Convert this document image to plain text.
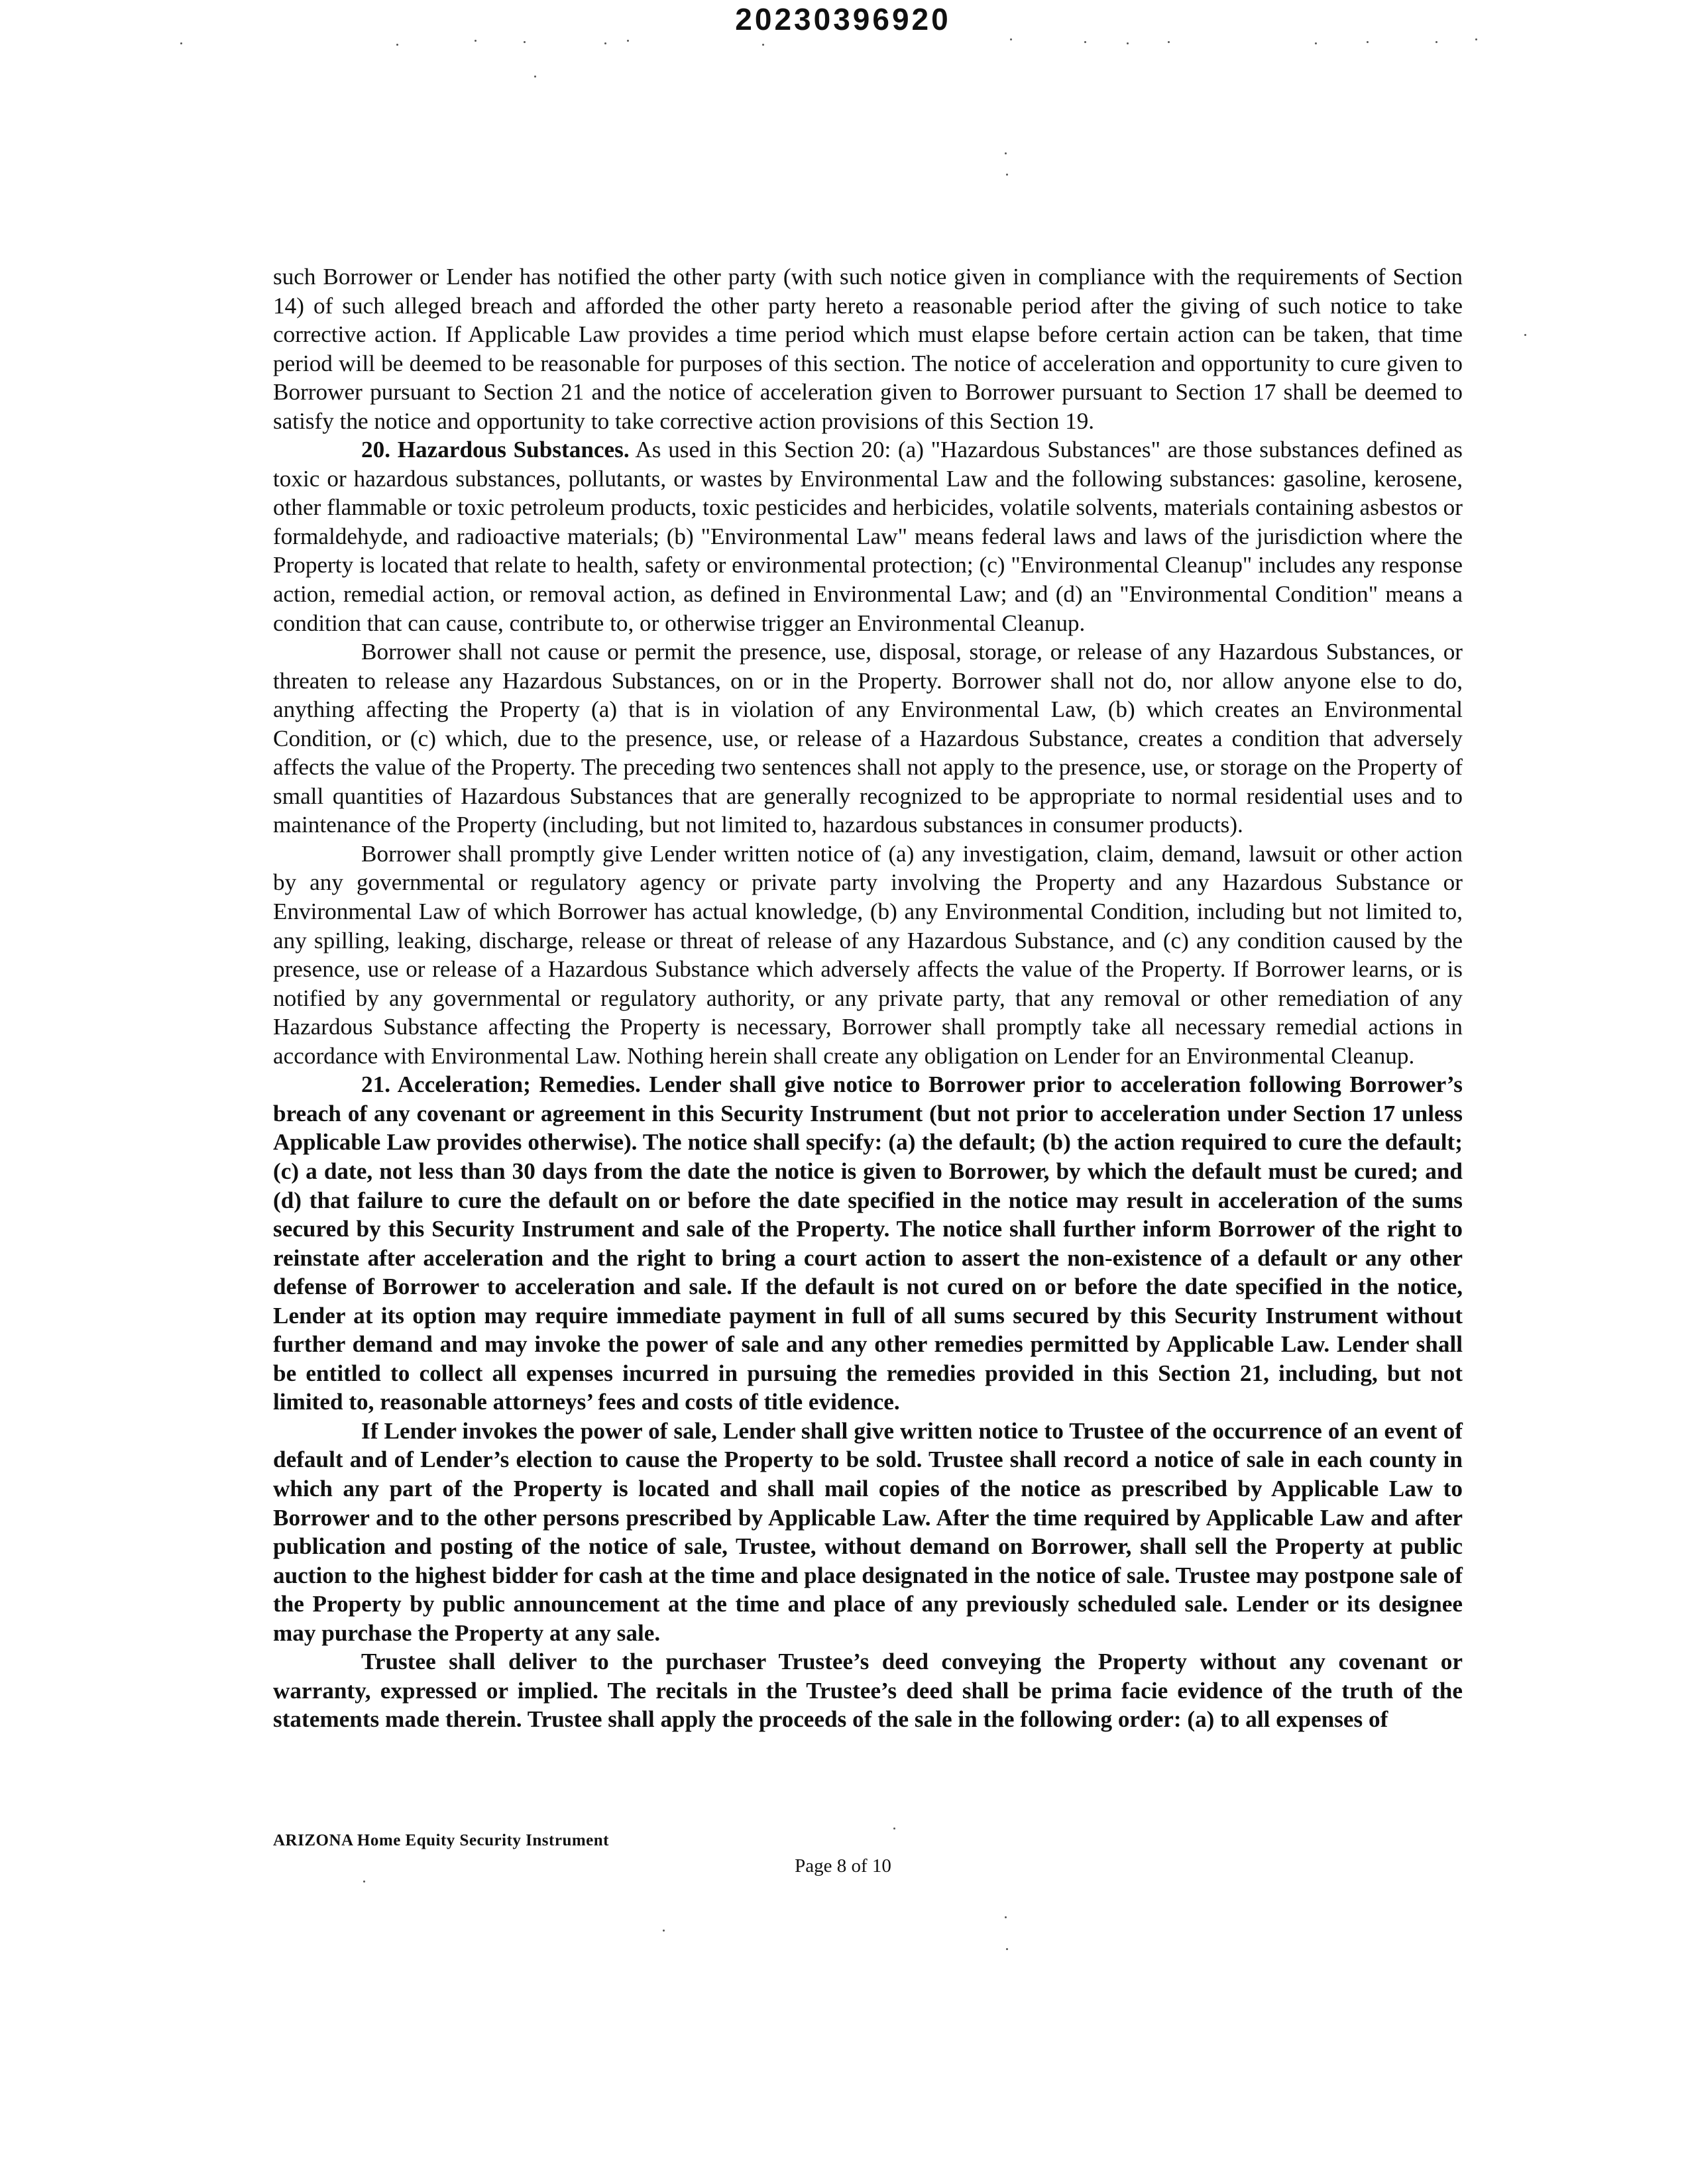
20230396920

such Borrower or Lender has notified the other party (with such notice given in compliance with the requirements of Section 14) of such alleged breach and afforded the other party hereto a reasonable period after the giving of such notice to take corrective action. If Applicable Law provides a time period which must elapse before certain action can be taken, that time period will be deemed to be reasonable for purposes of this section. The notice of acceleration and opportunity to cure given to Borrower pursuant to Section 21 and the notice of acceleration given to Borrower pursuant to Section 17 shall be deemed to satisfy the notice and opportunity to take corrective action provisions of this Section 19.

20. Hazardous Substances. As used in this Section 20: (a) "Hazardous Substances" are those substances defined as toxic or hazardous substances, pollutants, or wastes by Environmental Law and the following substances: gasoline, kerosene, other flammable or toxic petroleum products, toxic pesticides and herbicides, volatile solvents, materials containing asbestos or formaldehyde, and radioactive materials; (b) "Environmental Law" means federal laws and laws of the jurisdiction where the Property is located that relate to health, safety or environmental protection; (c) "Environmental Cleanup" includes any response action, remedial action, or removal action, as defined in Environmental Law; and (d) an "Environmental Condition" means a condition that can cause, contribute to, or otherwise trigger an Environmental Cleanup.

Borrower shall not cause or permit the presence, use, disposal, storage, or release of any Hazardous Substances, or threaten to release any Hazardous Substances, on or in the Property. Borrower shall not do, nor allow anyone else to do, anything affecting the Property (a) that is in violation of any Environmental Law, (b) which creates an Environmental Condition, or (c) which, due to the presence, use, or release of a Hazardous Substance, creates a condition that adversely affects the value of the Property. The preceding two sentences shall not apply to the presence, use, or storage on the Property of small quantities of Hazardous Substances that are generally recognized to be appropriate to normal residential uses and to maintenance of the Property (including, but not limited to, hazardous substances in consumer products).

Borrower shall promptly give Lender written notice of (a) any investigation, claim, demand, lawsuit or other action by any governmental or regulatory agency or private party involving the Property and any Hazardous Substance or Environmental Law of which Borrower has actual knowledge, (b) any Environmental Condition, including but not limited to, any spilling, leaking, discharge, release or threat of release of any Hazardous Substance, and (c) any condition caused by the presence, use or release of a Hazardous Substance which adversely affects the value of the Property. If Borrower learns, or is notified by any governmental or regulatory authority, or any private party, that any removal or other remediation of any Hazardous Substance affecting the Property is necessary, Borrower shall promptly take all necessary remedial actions in accordance with Environmental Law. Nothing herein shall create any obligation on Lender for an Environmental Cleanup.

21. Acceleration; Remedies. Lender shall give notice to Borrower prior to acceleration following Borrower’s breach of any covenant or agreement in this Security Instrument (but not prior to acceleration under Section 17 unless Applicable Law provides otherwise). The notice shall specify: (a) the default; (b) the action required to cure the default; (c) a date, not less than 30 days from the date the notice is given to Borrower, by which the default must be cured; and (d) that failure to cure the default on or before the date specified in the notice may result in acceleration of the sums secured by this Security Instrument and sale of the Property. The notice shall further inform Borrower of the right to reinstate after acceleration and the right to bring a court action to assert the non-existence of a default or any other defense of Borrower to acceleration and sale. If the default is not cured on or before the date specified in the notice, Lender at its option may require immediate payment in full of all sums secured by this Security Instrument without further demand and may invoke the power of sale and any other remedies permitted by Applicable Law. Lender shall be entitled to collect all expenses incurred in pursuing the remedies provided in this Section 21, including, but not limited to, reasonable attorneys’ fees and costs of title evidence.

If Lender invokes the power of sale, Lender shall give written notice to Trustee of the occurrence of an event of default and of Lender’s election to cause the Property to be sold. Trustee shall record a notice of sale in each county in which any part of the Property is located and shall mail copies of the notice as prescribed by Applicable Law to Borrower and to the other persons prescribed by Applicable Law. After the time required by Applicable Law and after publication and posting of the notice of sale, Trustee, without demand on Borrower, shall sell the Property at public auction to the highest bidder for cash at the time and place designated in the notice of sale. Trustee may postpone sale of the Property by public announcement at the time and place of any previously scheduled sale. Lender or its designee may purchase the Property at any sale.

Trustee shall deliver to the purchaser Trustee’s deed conveying the Property without any covenant or warranty, expressed or implied. The recitals in the Trustee’s deed shall be prima facie evidence of the truth of the statements made therein. Trustee shall apply the proceeds of the sale in the following order: (a) to all expenses of

ARIZONA Home Equity Security Instrument
Page 8 of 10
